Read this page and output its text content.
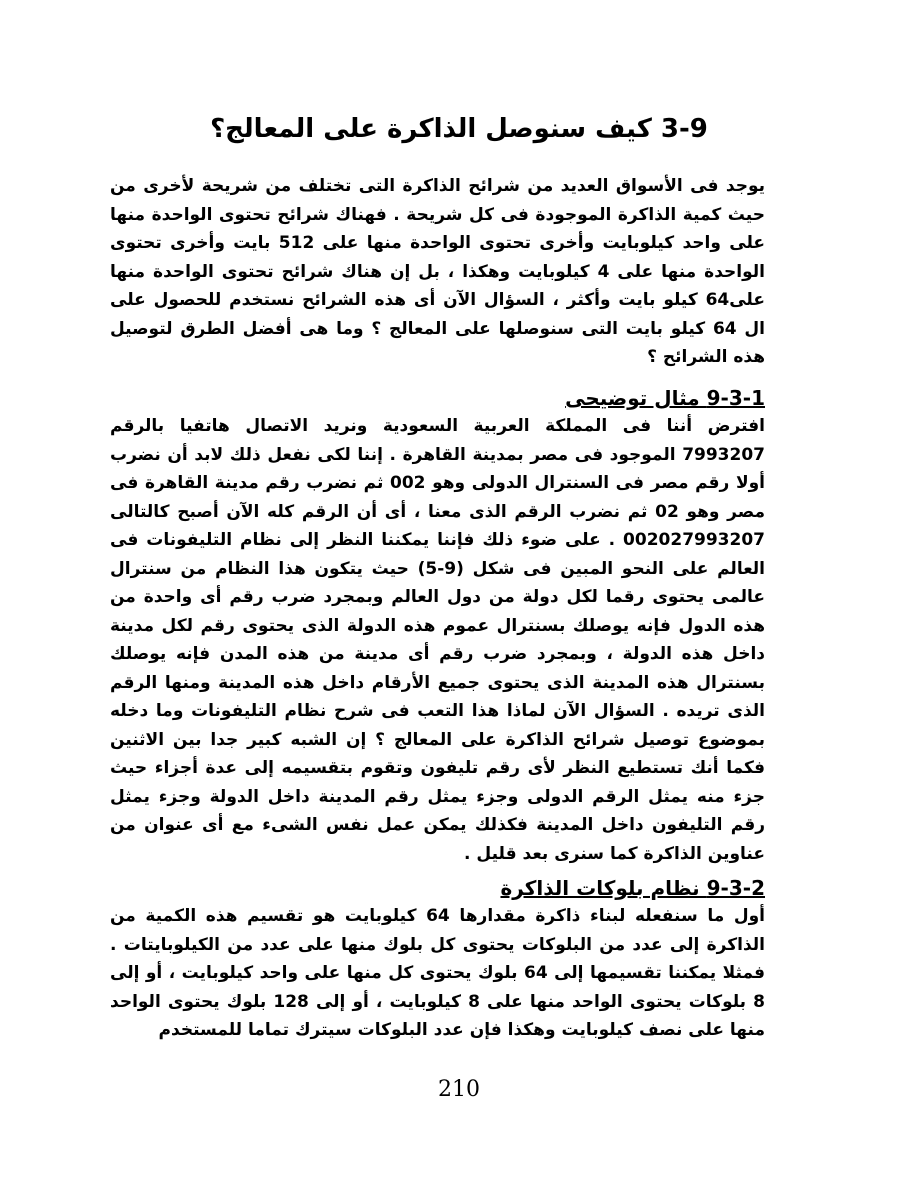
3-9 كيف سنوصل الذاكرة على المعالج؟

يوجد فى الأسواق العديد من شرائح الذاكرة التى تختلف من شريحة لأخرى من حيث كمية الذاكرة الموجودة فى كل شريحة . فهناك شرائح تحتوى الواحدة منها على واحد كيلوبايت وأخرى تحتوى الواحدة منها على 512 بايت وأخرى تحتوى الواحدة منها على 4 كيلوبايت وهكذا ، بل إن هناك شرائح تحتوى الواحدة منها على64 كيلو بايت وأكثر ، السؤال الآن أى هذه الشرائح نستخدم للحصول على ال 64 كيلو بايت التى سنوصلها على المعالج ؟ وما هى أفضل الطرق لتوصيل هذه الشرائح ؟

9-3-1 مثال توضيحى

افترض أننا فى المملكة العربية السعودية ونريد الاتصال هاتفيا بالرقم 7993207 الموجود فى مصر بمدينة القاهرة . إننا لكى نفعل ذلك لابد أن نضرب أولا رقم مصر فى السنترال الدولى وهو 002 ثم نضرب رقم مدينة القاهرة فى مصر وهو 02 ثم نضرب الرقم الذى معنا ، أى أن الرقم كله الآن أصبح كالتالى 002027993207 . على ضوء ذلك فإننا يمكننا النظر إلى نظام التليفونات فى العالم على النحو المبين فى شكل (9-5) حيث يتكون هذا النظام من سنترال عالمى يحتوى رقما لكل دولة من دول العالم وبمجرد ضرب رقم أى واحدة من هذه الدول فإنه يوصلك بسنترال عموم هذه الدولة الذى يحتوى رقم لكل مدينة داخل هذه الدولة ، وبمجرد ضرب رقم أى مدينة من هذه المدن فإنه يوصلك بسنترال هذه المدينة الذى يحتوى جميع الأرقام داخل هذه المدينة ومنها الرقم الذى تريده . السؤال الآن لماذا هذا التعب فى شرح نظام التليفونات وما دخله بموضوع توصيل شرائح الذاكرة على المعالج ؟ إن الشبه كبير جدا بين الاثنين فكما أنك تستطيع النظر لأى رقم تليفون وتقوم بتقسيمه إلى عدة أجزاء حيث جزء منه يمثل الرقم الدولى وجزء يمثل رقم المدينة داخل الدولة وجزء يمثل رقم التليفون داخل المدينة فكذلك يمكن عمل نفس الشىء مع أى عنوان من عناوين الذاكرة كما سنرى بعد قليل .

9-3-2 نظام بلوكات الذاكرة

أول ما سنفعله لبناء ذاكرة مقدارها 64 كيلوبايت هو تقسيم هذه الكمية من الذاكرة إلى عدد من البلوكات يحتوى كل بلوك منها على عدد من الكيلوبايتات . فمثلا يمكننا تقسيمها إلى 64 بلوك يحتوى كل منها على واحد كيلوبايت ، أو إلى 8 بلوكات يحتوى الواحد منها على 8 كيلوبايت ، أو إلى 128 بلوك يحتوى الواحد منها على نصف كيلوبايت وهكذا فإن عدد البلوكات سيترك تماما للمستخدم

210
